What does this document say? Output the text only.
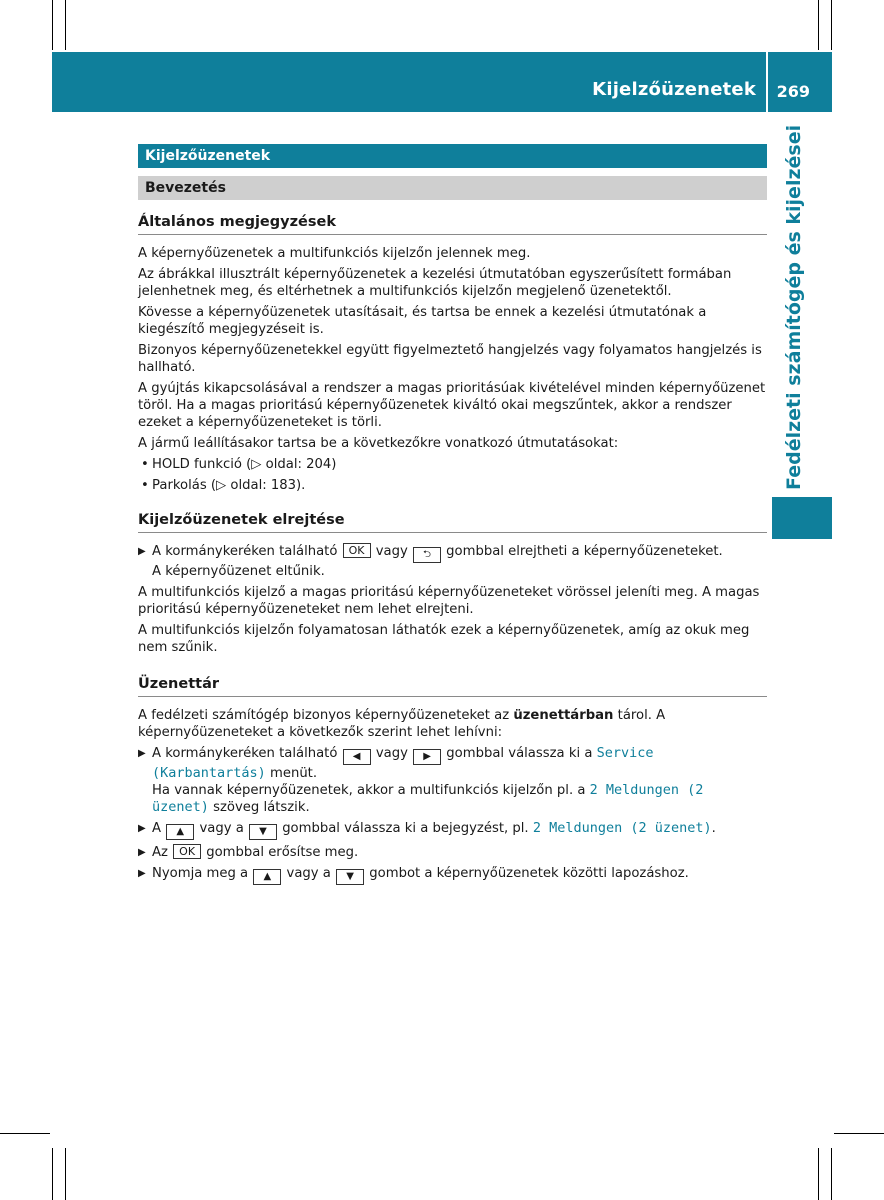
Kijelzőüzenetek 269
Fedélzeti számítógép és kijelzései
Kijelzőüzenetek
Bevezetés
Általános megjegyzések

A képernyőüzenetek a multifunkciós kijelzőn jelennek meg.

Az ábrákkal illusztrált képernyőüzenetek a kezelési útmutatóban egyszerűsített formában jelenhetnek meg, és eltérhetnek a multifunkciós kijelzőn megjelenő üzenetektől.

Kövesse a képernyőüzenetek utasításait, és tartsa be ennek a kezelési útmutatónak a kiegészítő megjegyzéseit is.

Bizonyos képernyőüzenetekkel együtt figyelmeztető hangjelzés vagy folyamatos hangjelzés is hallható.

A gyújtás kikapcsolásával a rendszer a magas prioritásúak kivételével minden képernyőüzenet töröl. Ha a magas prioritású képernyőüzenetek kiváltó okai megszűntek, akkor a rendszer ezeket a képernyőüzeneteket is törli.

A jármű leállításakor tartsa be a következőkre vonatkozó útmutatásokat:

• HOLD funkció (▷ oldal: 204)
• Parkolás (▷ oldal: 183).
Kijelzőüzenetek elrejtése
▶ A kormánykeréken található OK vagy ⮌ gombbal elrejtheti a képernyőüzeneteket.
A képernyőüzenet eltűnik.

A multifunkciós kijelző a magas prioritású képernyőüzeneteket vörössel jeleníti meg. A magas prioritású képernyőüzeneteket nem lehet elrejteni.

A multifunkciós kijelzőn folyamatosan láthatók ezek a képernyőüzenetek, amíg az okuk meg nem szűnik.

Üzenettár

A fedélzeti számítógép bizonyos képernyőüzeneteket az üzenettárban tárol. A képernyőüzeneteket a következők szerint lehet lehívni:

▶ A kormánykeréken található ◀ vagy ▶ gombbal válassza ki a Service (Karbantartás) menüt.
Ha vannak képernyőüzenetek, akkor a multifunkciós kijelzőn pl. a 2 Meldungen (2 üzenet) szöveg látszik.
▶ A ▲ vagy a ▼ gombbal válassza ki a bejegyzést, pl. 2 Meldungen (2 üzenet).
▶ Az OK gombbal erősítse meg.
▶ Nyomja meg a ▲ vagy a ▼ gombot a képernyőüzenetek közötti lapozáshoz.
